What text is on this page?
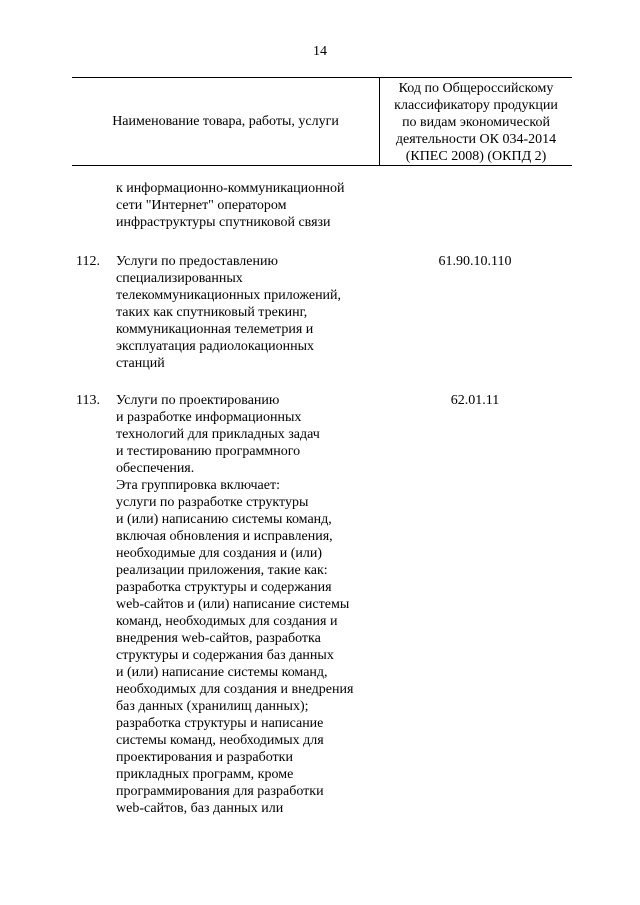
14
Наименование товара, работы, услуги
Код по Общероссийскому
классификатору продукции
по видам экономической
деятельности ОК 034-2014
(КПЕС 2008) (ОКПД 2)
к информационно-коммуникационной
сети "Интернет" оператором
инфраструктуры спутниковой связи
112.	61.90.10.110
Услуги по предоставлению
специализированных
телекоммуникационных приложений,
таких как спутниковый трекинг,
коммуникационная телеметрия и
эксплуатация радиолокационных
станций
113.	62.01.11
Услуги по проектированию
и разработке информационных
технологий для прикладных задач
и тестированию программного
обеспечения.
Эта группировка включает:
услуги по разработке структуры
и (или) написанию системы команд,
включая обновления и исправления,
необходимые для создания и (или)
реализации приложения, такие как:
разработка структуры и содержания
web-сайтов и (или) написание системы
команд, необходимых для создания и
внедрения web-сайтов, разработка
структуры и содержания баз данных
и (или) написание системы команд,
необходимых для создания и внедрения
баз данных (хранилищ данных);
разработка структуры и написание
системы команд, необходимых для
проектирования и разработки
прикладных программ, кроме
программирования для разработки
web-сайтов, баз данных или
